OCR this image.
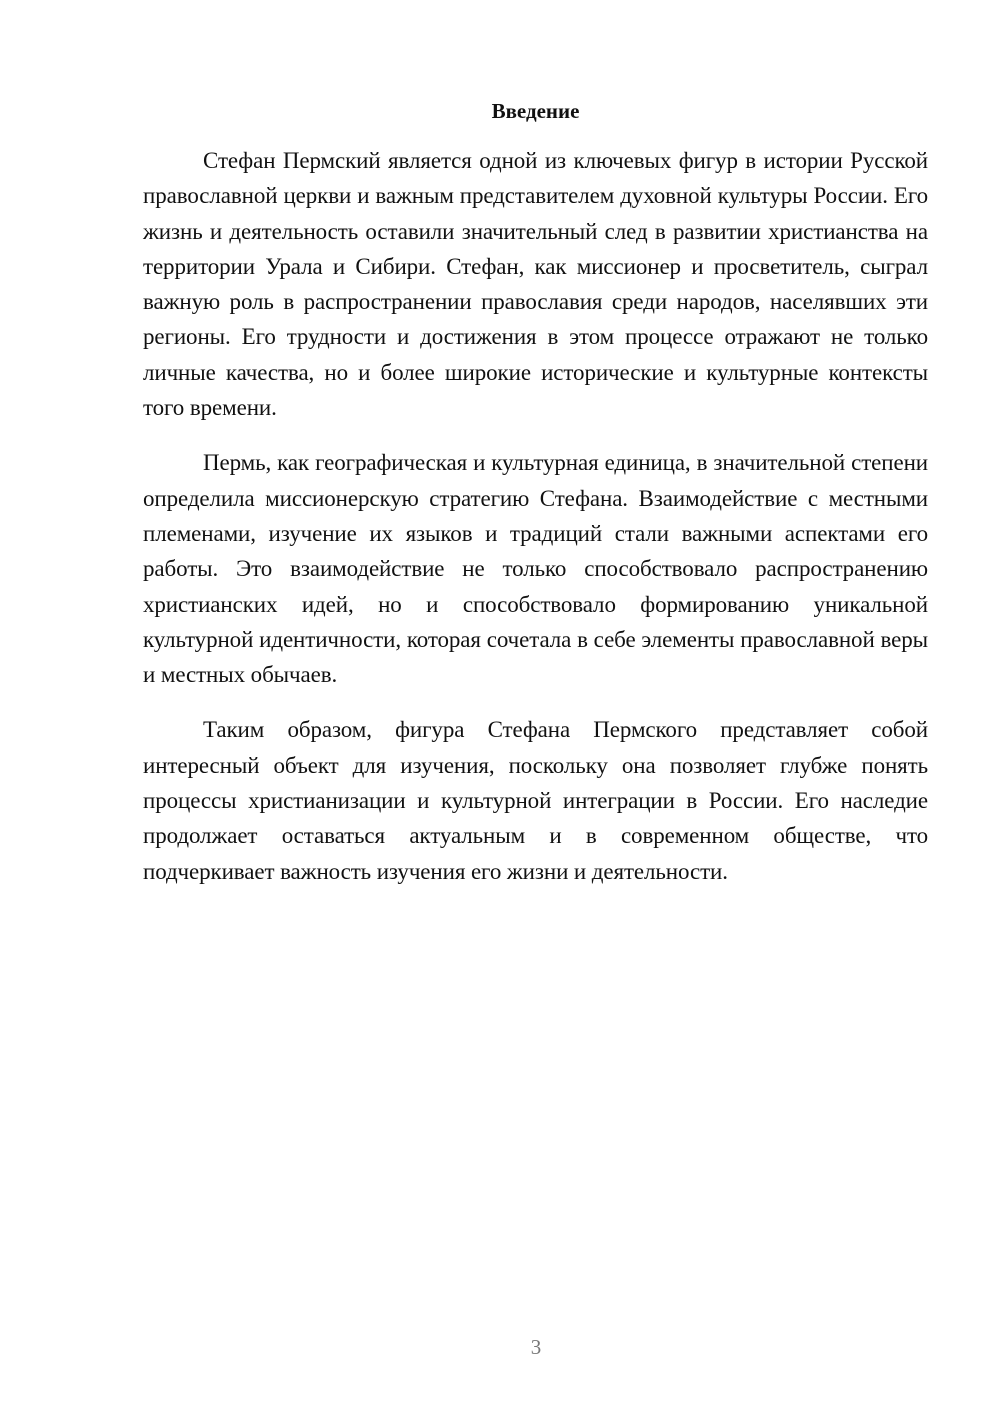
Введение

Стефан Пермский является одной из ключевых фигур в истории Русской православной церкви и важным представителем духовной культуры России. Его жизнь и деятельность оставили значительный след в развитии христианства на территории Урала и Сибири. Стефан, как миссионер и просветитель, сыграл важную роль в распространении православия среди народов, населявших эти регионы. Его трудности и достижения в этом процессе отражают не только личные качества, но и более широкие исторические и культурные контексты того времени.

Пермь, как географическая и культурная единица, в значительной степени определила миссионерскую стратегию Стефана. Взаимодействие с местными племенами, изучение их языков и традиций стали важными аспектами его работы. Это взаимодействие не только способствовало распространению христианских идей, но и способствовало формированию уникальной культурной идентичности, которая сочетала в себе элементы православной веры и местных обычаев.

Таким образом, фигура Стефана Пермского представляет собой интересный объект для изучения, поскольку она позволяет глубже понять процессы христианизации и культурной интеграции в России. Его наследие продолжает оставаться актуальным и в современном обществе, что подчеркивает важность изучения его жизни и деятельности.

3
